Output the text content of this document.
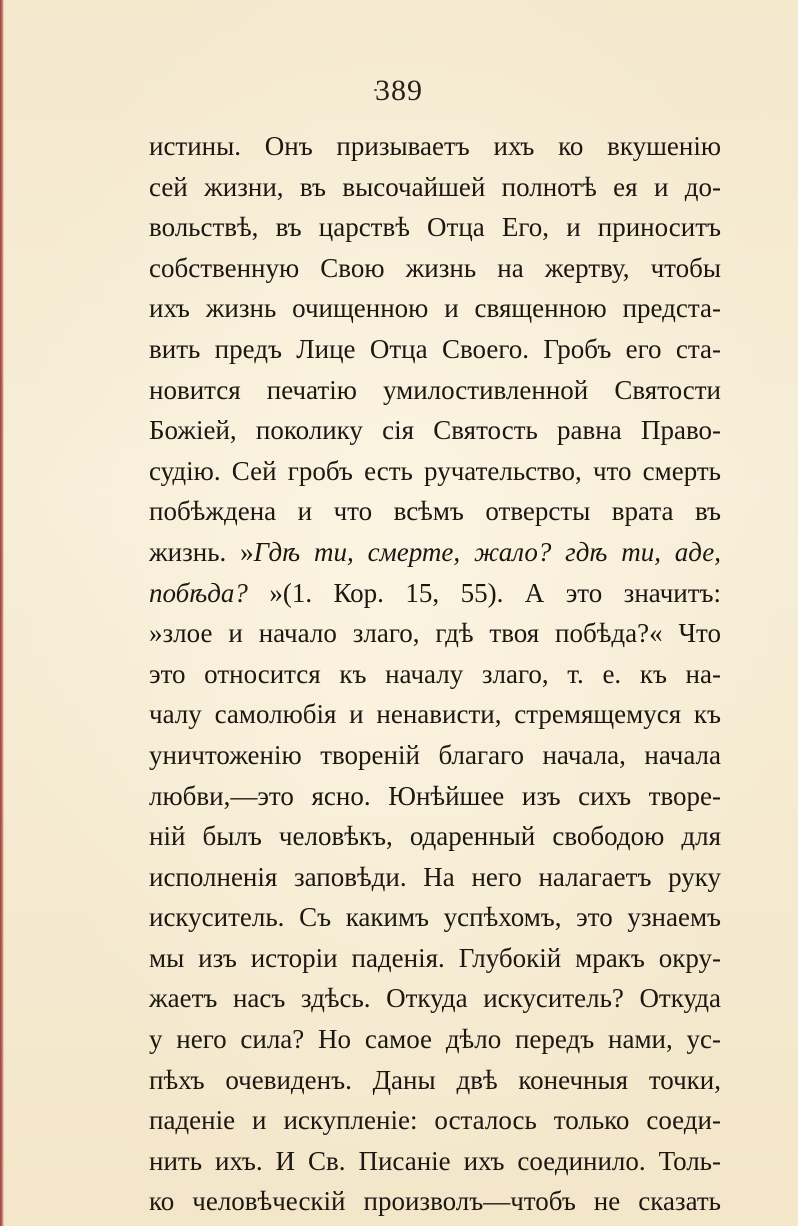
389
истины. Онъ призываетъ ихъ ко вкушенію
сей жизни, въ высочайшей полнотѣ ея и до-
вольствѣ, въ царствѣ Отца Его, и приноситъ
собственную Свою жизнь на жертву, чтобы
ихъ жизнь очищенною и священною предста-
вить предъ Лице Отца Своего. Гробъ его ста-
новится печатію умилостивленной Святости
Божіей, поколику сія Святость равна Право-
судію. Сей гробъ есть ручательство, что смерть
побѣждена и что всѣмъ отверсты врата въ
жизнь. »Гдѣ ти, смерте, жало? гдѣ ти, аде,
побѣда? »(1. Кор. 15, 55). А это значитъ:
»злое и начало злаго, гдѣ твоя побѣда?« Что
это относится къ началу злаго, т. е. къ на-
чалу самолюбія и ненависти, стремящемуся къ
уничтоженію твореній благаго начала, начала
любви,—это ясно. Юнѣйшее изъ сихъ творе-
ній былъ человѣкъ, одаренный свободою для
исполненія заповѣди. На него налагаетъ руку
искуситель. Съ какимъ успѣхомъ, это узнаемъ
мы изъ исторіи паденія. Глубокій мракъ окру-
жаетъ насъ здѣсь. Откуда искуситель? Откуда
у него сила? Но самое дѣло передъ нами, ус-
пѣхъ очевиденъ. Даны двѣ конечныя точки,
паденіе и искупленіе: осталось только соеди-
нить ихъ. И Св. Писаніе ихъ соединило. Толь-
ко человѣческій произволъ—чтобъ не сказать
